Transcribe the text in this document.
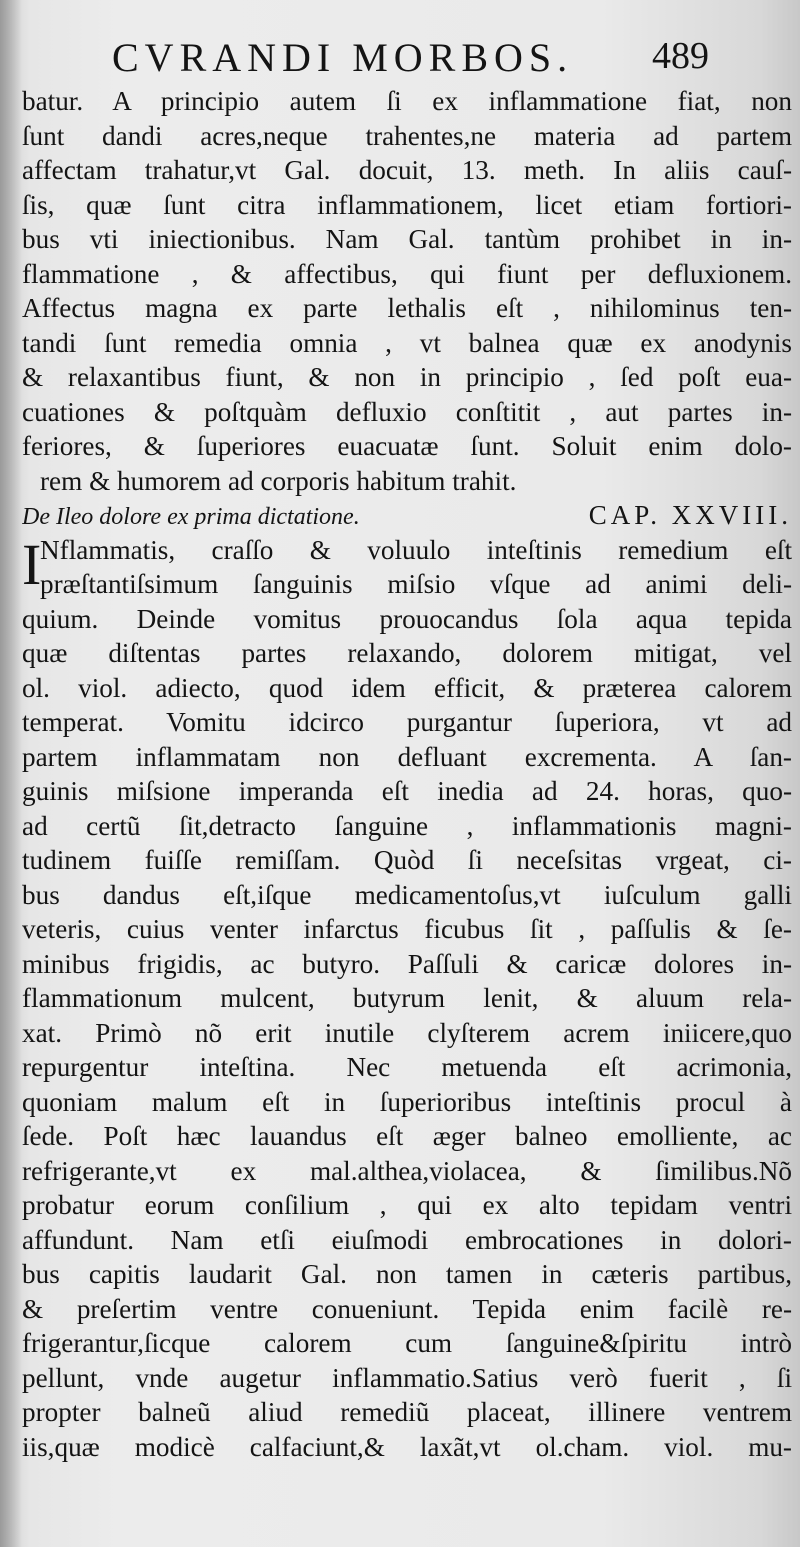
CVRANDI MORBOS. 489
batur. A principio autem ſi ex inflammatione fiat, non
ſunt dandi acres,neque trahentes,ne materia ad partem
affectam trahatur,vt Gal. docuit, 13. meth. In aliis cauſ-
ſis, quæ ſunt citra inflammationem, licet etiam fortiori-
bus vti iniectionibus. Nam Gal. tantùm prohibet in in-
flammatione , & affectibus, qui fiunt per defluxionem.
Affectus magna ex parte lethalis eſt , nihilominus ten-
tandi ſunt remedia omnia , vt balnea quæ ex anodynis
& relaxantibus fiunt, & non in principio , ſed poſt eua-
cuationes & poſtquàm defluxio conſtitit , aut partes in-
feriores, & ſuperiores euacuatæ ſunt. Soluit enim dolo-
rem & humorem ad corporis habitum trahit.
De Ileo dolore ex prima dictatione.	CAP. XXVIII.
I
Nflammatis, craſſo & voluulo inteſtinis remedium eſt
præſtantiſsimum ſanguinis miſsio vſque ad animi deli-
quium. Deinde vomitus prouocandus ſola aqua tepida
quæ diſtentas partes relaxando, dolorem mitigat, vel
ol. viol. adiecto, quod idem efficit, & præterea calorem
temperat. Vomitu idcirco purgantur ſuperiora, vt ad
partem inflammatam non defluant excrementa. A ſan-
guinis miſsione imperanda eſt inedia ad 24. horas, quo-
ad certũ ſit,detracto ſanguine , inflammationis magni-
tudinem fuiſſe remiſſam. Quòd ſi neceſsitas vrgeat, ci-
bus dandus eſt,iſque medicamentoſus,vt iuſculum galli
veteris, cuius venter infarctus ficubus ſit , paſſulis & ſe-
minibus frigidis, ac butyro. Paſſuli & caricæ dolores in-
flammationum mulcent, butyrum lenit, & aluum rela-
xat. Primò nõ erit inutile clyſterem acrem iniicere,quo
repurgentur inteſtina. Nec metuenda eſt acrimonia,
quoniam malum eſt in ſuperioribus inteſtinis procul à
ſede. Poſt hæc lauandus eſt æger balneo emolliente, ac
refrigerante,vt ex mal.althea,violacea, & ſimilibus.Nõ
probatur eorum conſilium , qui ex alto tepidam ventri
affundunt. Nam etſi eiuſmodi embrocationes in dolori-
bus capitis laudarit Gal. non tamen in cæteris partibus,
& preſertim ventre conueniunt. Tepida enim facilè re-
frigerantur,ſicque calorem cum ſanguine&ſpiritu intrò
pellunt, vnde augetur inflammatio.Satius verò fuerit , ſi
propter balneũ aliud remediũ placeat, illinere ventrem
iis,quæ modicè calfaciunt,& laxãt,vt ol.cham. viol. mu-
